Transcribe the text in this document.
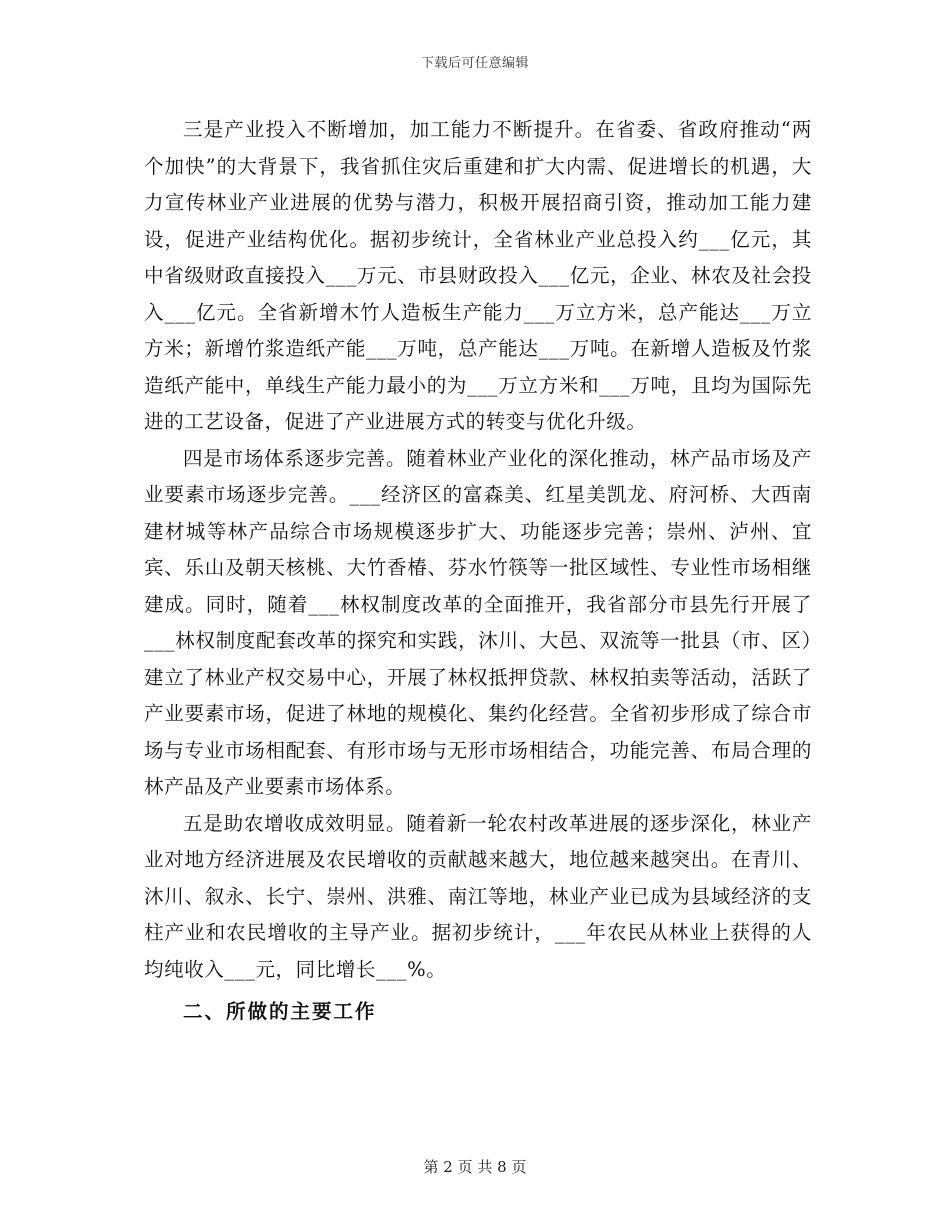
下载后可任意编辑

三是产业投入不断增加，加工能力不断提升。在省委、省政府推动“两个加快”的大背景下，我省抓住灾后重建和扩大内需、促进增长的机遇，大力宣传林业产业进展的优势与潜力，积极开展招商引资，推动加工能力建设，促进产业结构优化。据初步统计，全省林业产业总投入约___亿元，其中省级财政直接投入___万元、市县财政投入___亿元，企业、林农及社会投入___亿元。全省新增木竹人造板生产能力___万立方米，总产能达___万立方米；新增竹浆造纸产能___万吨，总产能达___万吨。在新增人造板及竹浆造纸产能中，单线生产能力最小的为___万立方米和___万吨，且均为国际先进的工艺设备，促进了产业进展方式的转变与优化升级。

四是市场体系逐步完善。随着林业产业化的深化推动，林产品市场及产业要素市场逐步完善。___经济区的富森美、红星美凯龙、府河桥、大西南建材城等林产品综合市场规模逐步扩大、功能逐步完善；崇州、泸州、宜宾、乐山及朝天核桃、大竹香椿、芬水竹筷等一批区域性、专业性市场相继建成。同时，随着___林权制度改革的全面推开，我省部分市县先行开展了___林权制度配套改革的探究和实践，沐川、大邑、双流等一批县（市、区）建立了林业产权交易中心，开展了林权抵押贷款、林权拍卖等活动，活跃了产业要素市场，促进了林地的规模化、集约化经营。全省初步形成了综合市场与专业市场相配套、有形市场与无形市场相结合，功能完善、布局合理的林产品及产业要素市场体系。

五是助农增收成效明显。随着新一轮农村改革进展的逐步深化，林业产业对地方经济进展及农民增收的贡献越来越大，地位越来越突出。在青川、沐川、叙永、长宁、崇州、洪雅、南江等地，林业产业已成为县域经济的支柱产业和农民增收的主导产业。据初步统计，___年农民从林业上获得的人均纯收入___元，同比增长___%。

二、所做的主要工作

第 2 页 共 8 页
